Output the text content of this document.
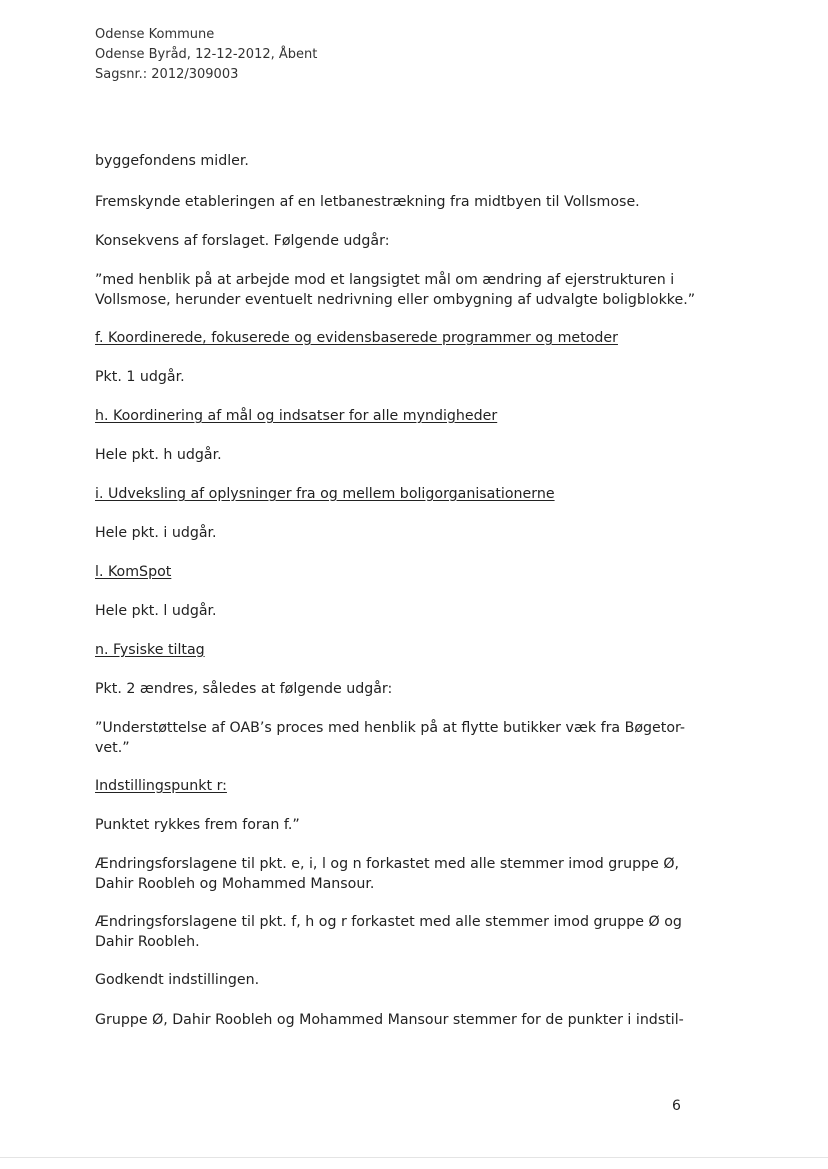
Odense Kommune
Odense Byråd, 12-12-2012, Åbent
Sagsnr.: 2012/309003
byggefondens midler.
Fremskynde etableringen af en letbanestrækning fra midtbyen til Vollsmose.
Konsekvens af forslaget. Følgende udgår:
”med henblik på at arbejde mod et langsigtet mål om ændring af ejerstrukturen i
Vollsmose, herunder eventuelt nedrivning eller ombygning af udvalgte boligblokke.”
f. Koordinerede, fokuserede og evidensbaserede programmer og metoder
Pkt. 1 udgår.
h. Koordinering af mål og indsatser for alle myndigheder
Hele pkt. h udgår.
i. Udveksling af oplysninger fra og mellem boligorganisationerne
Hele pkt. i udgår.
l. KomSpot
Hele pkt. l udgår.
n. Fysiske tiltag
Pkt. 2 ændres, således at følgende udgår:
”Understøttelse af OAB’s proces med henblik på at flytte butikker væk fra Bøgetor-
vet.”
Indstillingspunkt r:
Punktet rykkes frem foran f.”
Ændringsforslagene til pkt. e, i, l og n forkastet med alle stemmer imod gruppe Ø,
Dahir Roobleh og Mohammed Mansour.
Ændringsforslagene til pkt. f, h og r forkastet med alle stemmer imod gruppe Ø og
Dahir Roobleh.
Godkendt indstillingen.
Gruppe Ø, Dahir Roobleh og Mohammed Mansour stemmer for de punkter i indstil-
6
